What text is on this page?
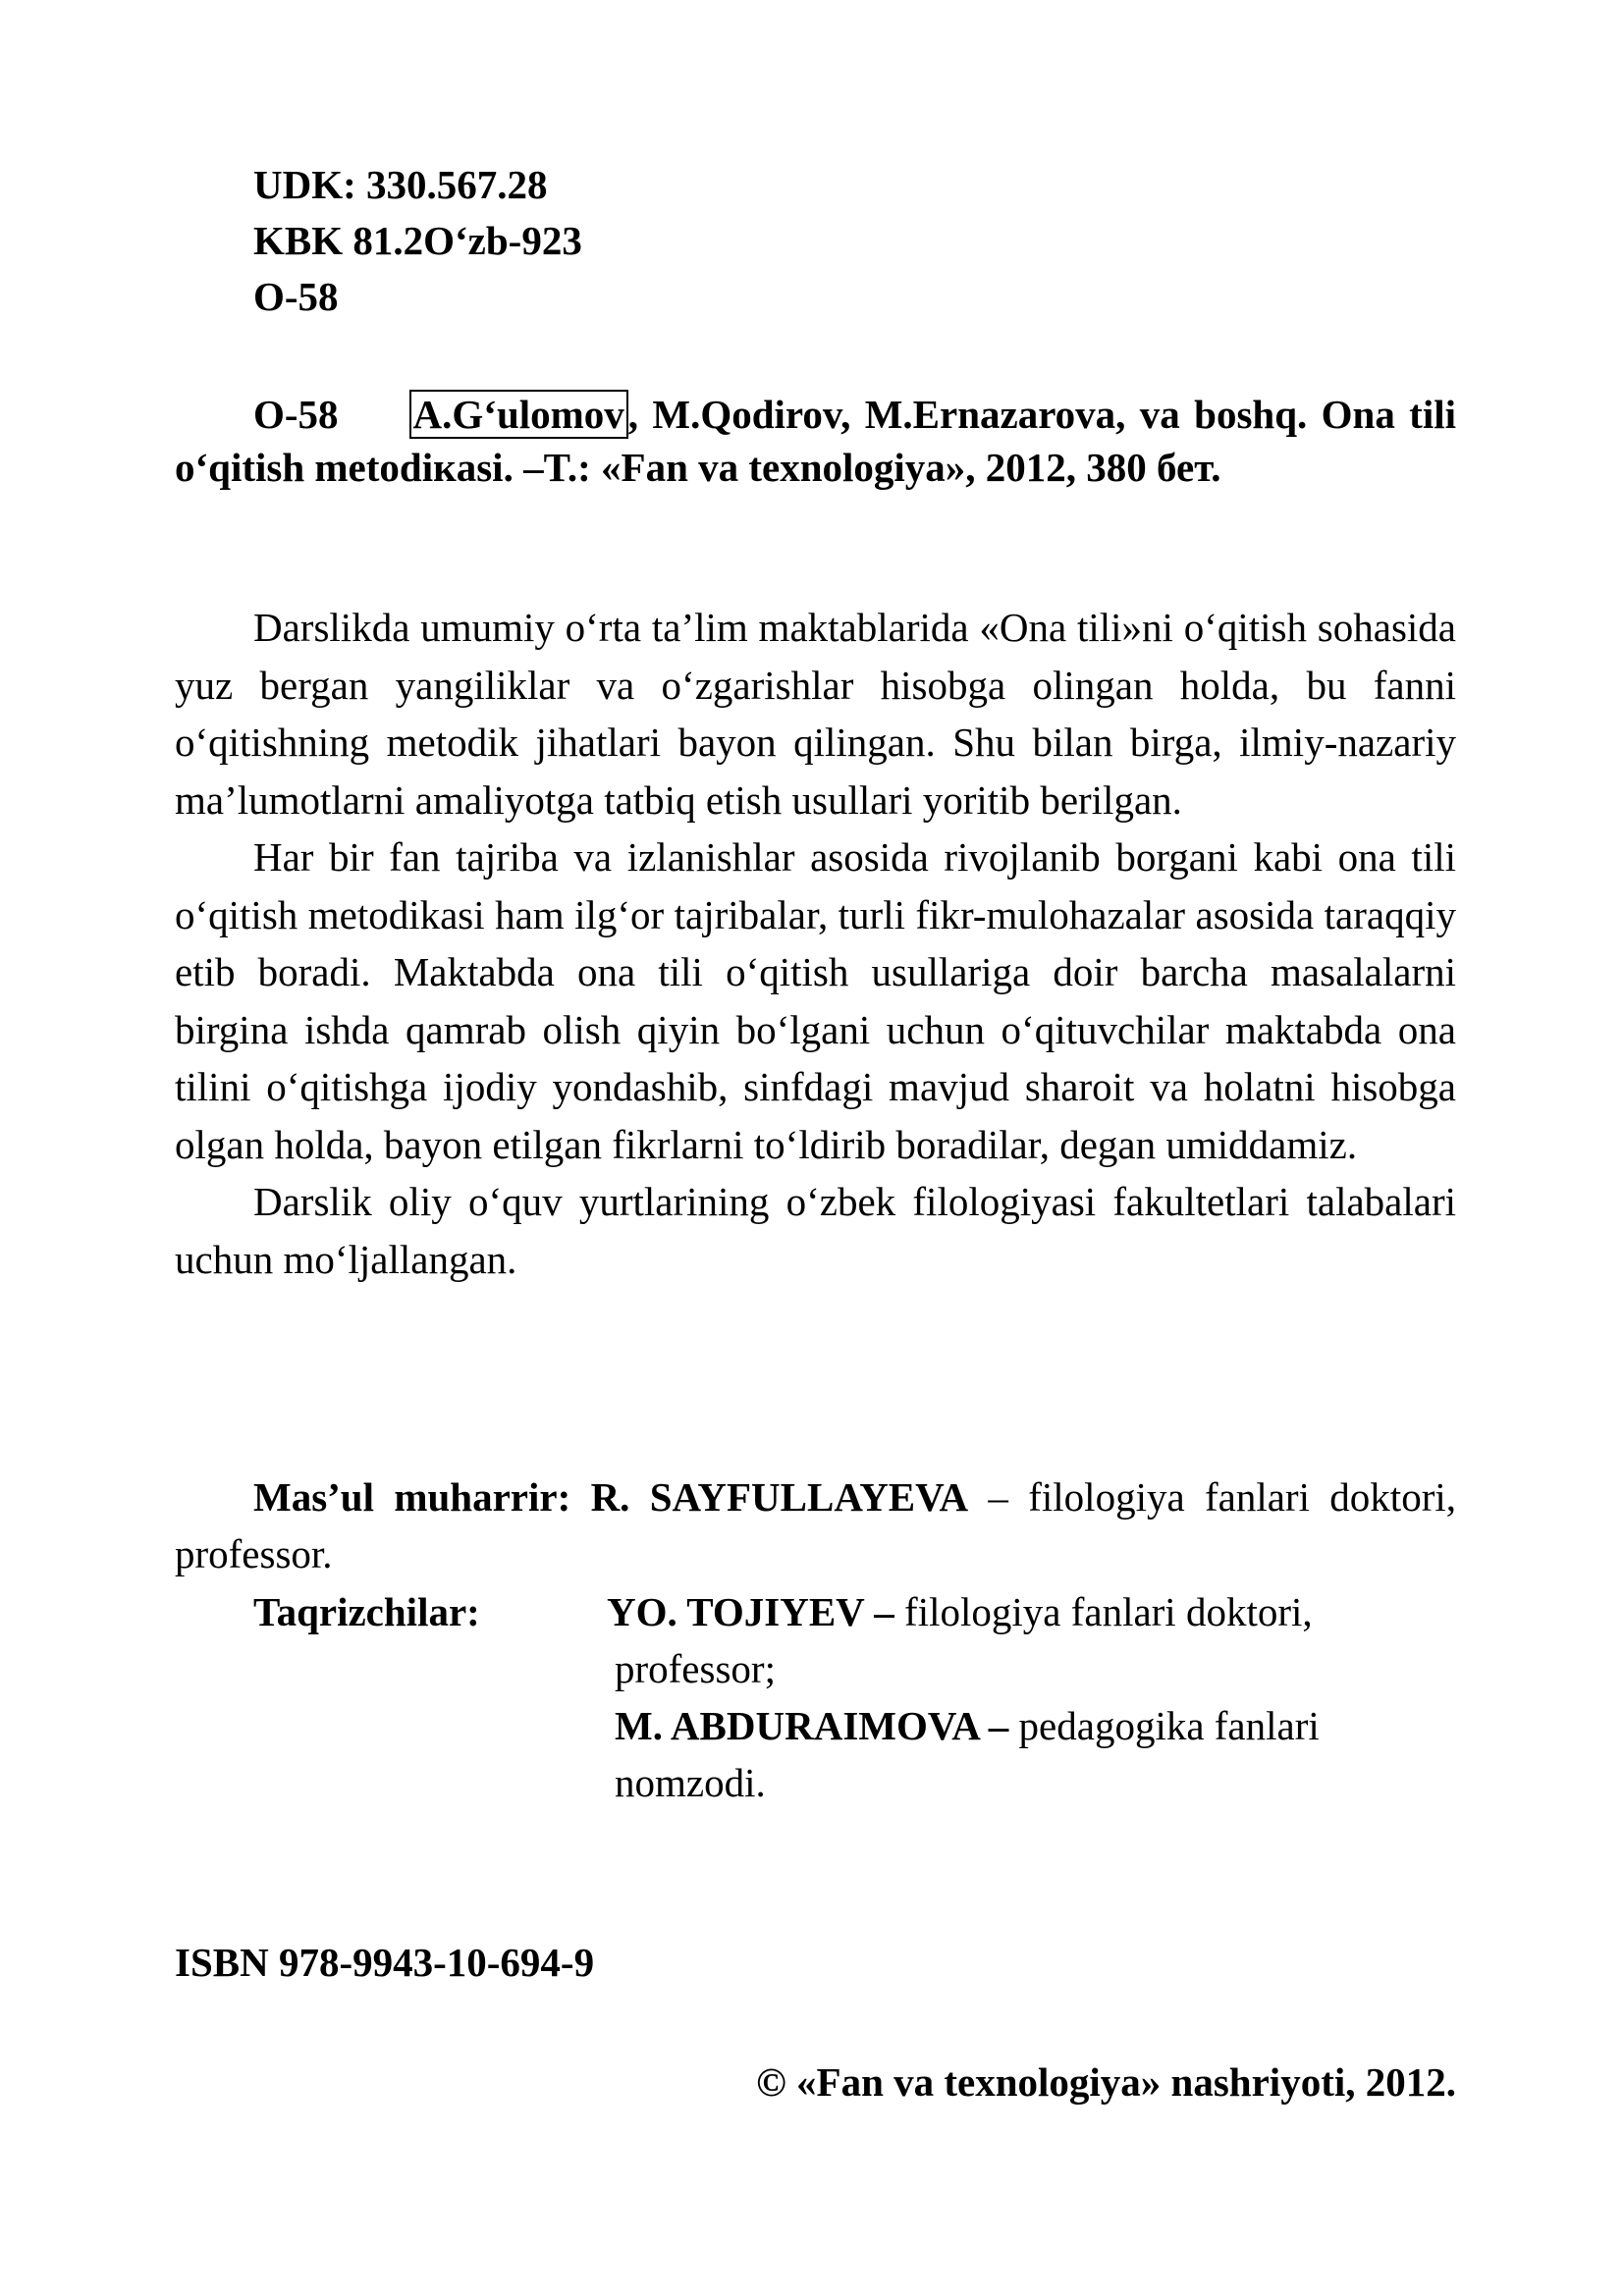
UDK: 330.567.28
KBK 81.2O‘zb-923
O-58
O-58 A.G‘ulomov, M.Qodirov, M.Ernazarova, va boshq. Ona tili o‘qitish metodiкasi. –T.: «Fan va texnologiya», 2012, 380 бет.

Darslikda umumiy o‘rta ta’lim maktablarida «Ona tili»ni o‘qitish sohasida yuz bergan yangiliklar va o‘zgarishlar hisobga olingan holda, bu fanni o‘qitishning metodik jihatlari bayon qilingan. Shu bilan birga, ilmiy-nazariy ma’lumotlarni amaliyotga tatbiq etish usullari yoritib berilgan.

Har bir fan tajriba va izlanishlar asosida rivojlanib borgani kabi ona tili o‘qitish metodikasi ham ilg‘or tajribalar, turli fikr-mulohazalar asosida taraqqiy etib boradi. Maktabda ona tili o‘qitish usullariga doir barcha masalalarni birgina ishda qamrab olish qiyin bo‘lgani uchun o‘qituvchilar maktabda ona tilini o‘qitishga ijodiy yondashib, sinfdagi mavjud sharoit va holatni hisobga olgan holda, bayon etilgan fikrlarni to‘ldirib boradilar, degan umiddamiz.

Darslik oliy o‘quv yurtlarining o‘zbek filologiyasi fakultetlari talabalari uchun mo‘ljallangan.

Mas’ul muharrir: R. SAYFULLAYEVA – filologiya fanlari doktori, professor.
Taqrizchilar:	YO. TOJIYEV – filologiya fanlari doktori,
professor;
M. ABDURAIMOVA – pedagogika fanlari
nomzodi.
ISBN 978-9943-10-694-9
© «Fan va texnologiya» nashriyoti, 2012.
